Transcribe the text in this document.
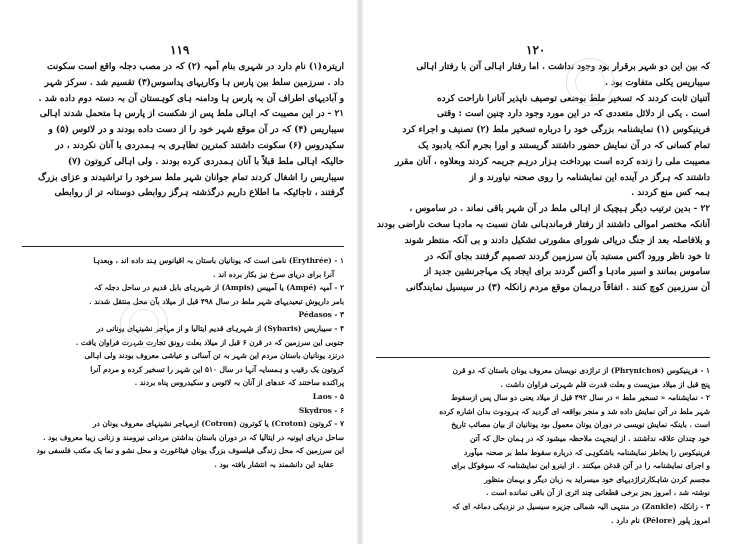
۱۱۹
اریترہ(۱) نام دارد در شہری بنام آمپہ (۲) کہ در مصب دجلہ واقع است سکونت
داد . سرزمین سلط بین پارس ہا وکاریہای پداسوس(۳) تقسیم شد . سرکز شہر
و آبادیہای اطراف آن بہ پارس ہا ودامنہ ہای کوہستان آن بہ دستہ دوم داده شد .
۲۱ - در این مصیبت کہ اہالی ملط پس از شکست از پارس ہا متحمل شدند اہالی
سیباریس (۴) کہ در آن موقع شہر خود را از دست داده بودند و در لائوس (۵) و
سکیدروس (۶) سکونت داشتند کمترین تظاہری بہ ہمدردی با آنان نکردند ، در
حالیکہ اہالی ملط قبلاً با آنان ہمدردی کرده بودند . ولی اہالی کروتون (۷)
سیباریس را اشغال کردند تمام جوانان شہر ملط سرخود را تراشیدند و عزای بزرگ
گرفتند ، تاجائیکہ ما اطلاع داریم درگذشتہ ہرگز روابطی دوستانہ تر از روابطی
۱ - (Erythrée) نامی است کہ یونانیان باستان بہ اقیانوس ہند داده اند ، وبعدہا
آنرا برای دریای سرخ نیز بکار برده اند .
۲ - آمپہ (Ampé) یا آمپیس (Ampis) از شہرہای بابل قدیم در ساحل دجلہ کہ
بامر داریوش تبعیدیہای شہر ملط در سال ۴۹۸ قبل از میلاد بآن محل منتقل شدند .
Pédasos - ۳
۴ - سیباریس (Sybaris) از شہرہای قدیم ایتالیا و از مہاجر نشینہای یونانی در
جنوبی این سرزمین کہ در قرن ۶ قبل از میلاد بعلت رونق تجارت شہرت فراوان یافت .
درنزد یونانیان باستان مردم این شہر بہ تن آسائی و عیاشی معروف بودند ولی اہالی
کروتون یک رقیب و ہمسایہ آنہا در سال ۵۱۰ این شہر را تسخیر کرده و مردم آنرا
پراکنده ساختند کہ عدهای از آنان بہ لائوس و سکیدروس پناه بردند .
Laos - ۵
Skydros - ۶
۷ - کروتون (Croton) یا کوترون (Cotron) ازمہاجر نشینہای معروف یونان در
ساحل دریای ایونیہ در ایتالیا کہ در دوران باستان بداشتن مردانی نیرومند و زنانی زیبا معروف بود .
این سرزمین کہ محل زندگی فیلسوف بزرگ یونان فیثاغورث و محل نشو و نما یک مکتب فلسفی بود
عقاید این دانشمند بہ انتشار یافتہ بود .
۱۲۰
کہ بین این دو شہر برقرار بود وجود نداشت . اما رفتار اہالی آتن با رفتار اہالی
سیباریس یکلی متفاوت بود .
آتنیان ثابت کردند کہ تسخیر ملط بوضعی توصیف ناپذیر آنانرا ناراحت کرده
است . یکی از دلائل متعددی کہ در این مورد وجود دارد چنین است : وقتی
فرینیکوس (۱) نمایشنامہ بزرگی خود را درباره تسخیر ملط (۲) تصنیف و اجراء کرد
تمام کسانی کہ در آن نمایش حضور داشتند گریستند و اورا بجرم آنکہ یادبود یک
مصیبت ملی را زنده کرده است بپرداخت ہزار درہم جریمہ کردند وبعلاوه ، آنان مقرر
داشتند کہ ہرگز در آینده این نمایشنامہ را روی صحنہ نیاورند و از
ہمہ کس منع کردند .
۲۲ - بدین ترتیب دیگر ہیچیک از اہالی ملط در آن شہر باقی نماند . در ساموس ،
آنانکہ مختصر اموالی داشتند از رفتار فرماندہانی شان نسبت بہ مادہا سخت ناراضی بودند
و بلافاصلہ بعد از جنگ دریائی شورای مشورتی تشکیل دادند و بی آنکہ منتظر شوند
تا خود ناظر ورود آکس مستبد بآن سرزمین گردند تصمیم گرفتند بجای آنکہ در
ساموس بمانند و اسیر مادہا و آکس گردند برای ایجاد یک مہاجرنشین جدید از
آن سرزمین کوچ کنند . اتفاقاً درہمان موقع مردم زانکلہ (۳) در سیسیل نمایندگانی
۱ - فرینیکوس (Phrynichos) از تراژدی نویسان معروف یونان باستان کہ دو قرن
پنج قبل از میلاد میزیست و بعلت قدرت قلم شہرتی فراوان داشت .
۲ - نمایشنامہ « تسخیر ملط » در سال ۴۹۲ قبل از میلاد یعنی دو سال پس ازسقوط
شہر ملط در آتن نمایش داده شد و منجر بواقعہ ای گردید کہ ہرودوت بدان اشاره کرده
است . باینکہ نمایش نویسی در دوران یونان معمول بود یونانیان از بیان مصائب تاریخ
خود چندان علاقہ نداشتند . از اینجہت ملاحظہ میشود کہ در ہمان حال کہ آتن
فرینیکوس را بخاطر نمایشنامہ باشکوہی کہ درباره سقوط ملط بر صحنہ میآورد
و اجرای نمایشنامہ را در آتن قدغن میکنند . از اینرو این نمایشنامہ کہ سوفوکل برای
مجسم کردن شاہکارتراژدیہای خود میسراید بہ زبان دیگر و بہمان منظور
نوشتہ شد ، امروز بجز برخی قطعاتی چند اثری از آن باقی نمانده است .
۳ - زانکلہ (Zankle) در منتہی الیہ شمالی جزیره سیسیل در نزدیکی دماغہ ای کہ
امروز پلور (Pélore) نام دارد .
